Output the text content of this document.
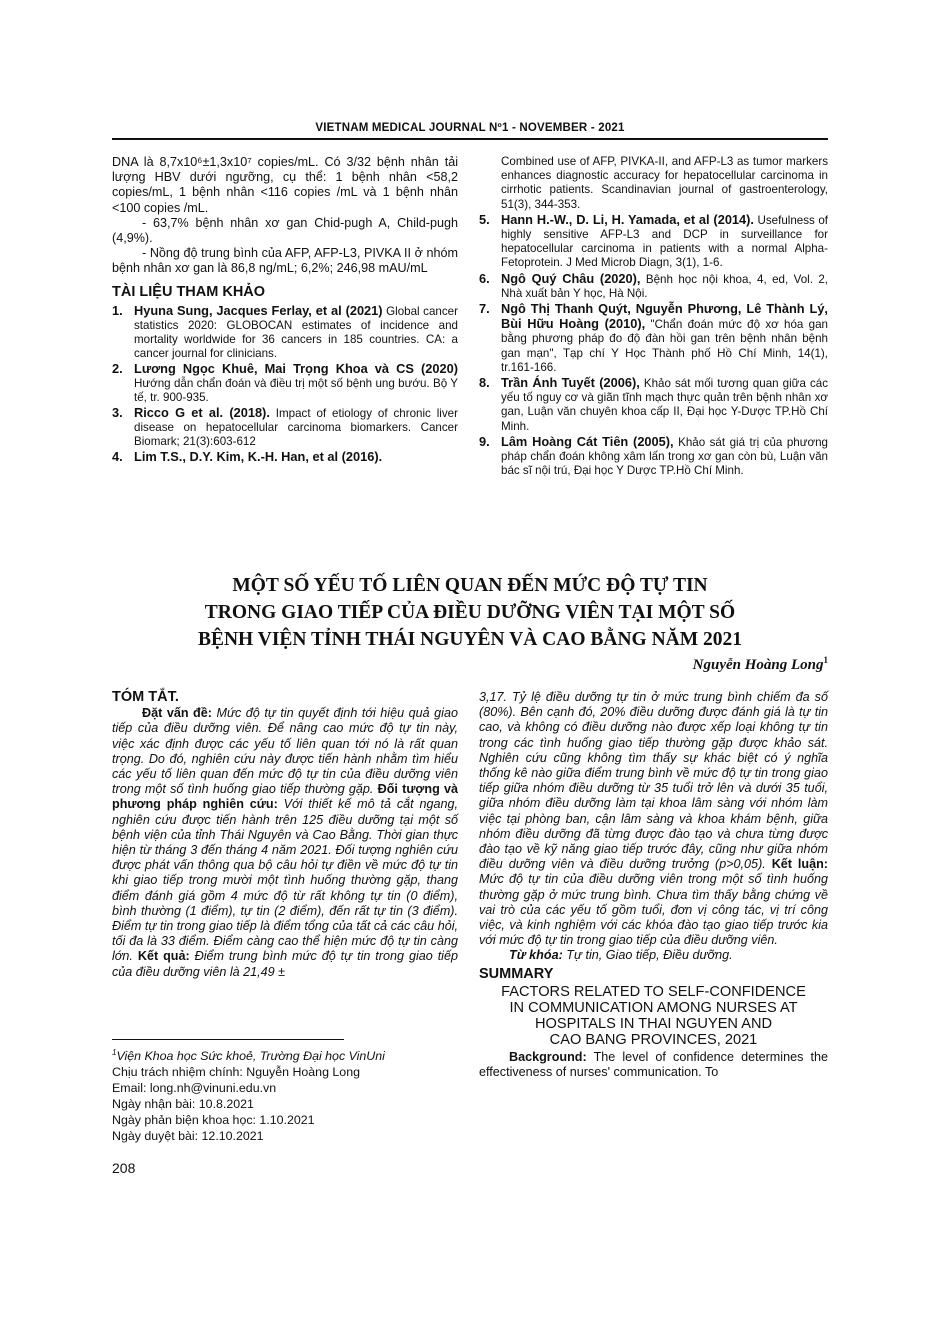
VIETNAM MEDICAL JOURNAL Nº1 - NOVEMBER - 2021

DNA là 8,7x10⁶±1,3x10⁷ copies/mL. Có 3/32 bệnh nhân tải lượng HBV dưới ngưỡng, cụ thể: 1 bệnh nhân <58,2 copies/mL, 1 bệnh nhân <116 copies /mL và 1 bệnh nhân <100 copies /mL.

- 63,7% bệnh nhân xơ gan Chid-pugh A, Child-pugh (4,9%).

- Nồng độ trung bình của AFP, AFP-L3, PIVKA II ở nhóm bệnh nhân xơ gan là 86,8 ng/mL; 6,2%; 246,98 mAU/mL

TÀI LIỆU THAM KHẢO

1. Hyuna Sung, Jacques Ferlay, et al (2021) Global cancer statistics 2020: GLOBOCAN estimates of incidence and mortality worldwide for 36 cancers in 185 countries. CA: a cancer journal for clinicians.
2. Lương Ngọc Khuê, Mai Trọng Khoa và CS (2020) Hướng dẫn chẩn đoán và điều trị một số bệnh ung bướu. Bộ Y tế, tr. 900-935.
3. Ricco G et al. (2018). Impact of etiology of chronic liver disease on hepatocellular carcinoma biomarkers. Cancer Biomark; 21(3):603-612
4. Lim T.S., D.Y. Kim, K.-H. Han, et al (2016).
Combined use of AFP, PIVKA-II, and AFP-L3 as tumor markers enhances diagnostic accuracy for hepatocellular carcinoma in cirrhotic patients. Scandinavian journal of gastroenterology, 51(3), 344-353.
5. Hann H.-W., D. Li, H. Yamada, et al (2014). Usefulness of highly sensitive AFP-L3 and DCP in surveillance for hepatocellular carcinoma in patients with a normal Alpha-Fetoprotein. J Med Microb Diagn, 3(1), 1-6.
6. Ngô Quý Châu (2020), Bệnh học nội khoa, 4, ed, Vol. 2, Nhà xuất bản Y học, Hà Nội.
7. Ngô Thị Thanh Quýt, Nguyễn Phương, Lê Thành Lý, Bùi Hữu Hoàng (2010), "Chẩn đoán mức độ xơ hóa gan bằng phương pháp đo độ đàn hồi gan trên bệnh nhân bệnh gan mạn", Tạp chí Y Học Thành phố Hồ Chí Minh, 14(1), tr.161-166.
8. Trần Ánh Tuyết (2006), Khảo sát mối tương quan giữa các yếu tố nguy cơ và giãn tĩnh mạch thực quản trên bệnh nhân xơ gan, Luận văn chuyên khoa cấp II, Đại học Y-Dược TP.Hồ Chí Minh.
9. Lâm Hoàng Cát Tiên (2005), Khảo sát giá trị của phương pháp chẩn đoán không xâm lấn trong xơ gan còn bù, Luận văn bác sĩ nội trú, Đại học Y Dược TP.Hồ Chí Minh.
MỘT SỐ YẾU TỐ LIÊN QUAN ĐẾN MỨC ĐỘ TỰ TIN
TRONG GIAO TIẾP CỦA ĐIỀU DƯỠNG VIÊN TẠI MỘT SỐ
BỆNH VIỆN TỈNH THÁI NGUYÊN VÀ CAO BẰNG NĂM 2021
Nguyễn Hoàng Long$^1$

TÓM TẮT.

Đặt vấn đề: Mức độ tự tin quyết định tới hiệu quả giao tiếp của điều dưỡng viên. Để nâng cao mức độ tự tin này, việc xác định được các yếu tố liên quan tới nó là rất quan trọng. Do đó, nghiên cứu này được tiến hành nhằm tìm hiểu các yếu tố liên quan đến mức độ tự tin của điều dưỡng viên trong một số tình huống giao tiếp thường gặp. Đối tượng và phương pháp nghiên cứu: Với thiết kế mô tả cắt ngang, nghiên cứu được tiến hành trên 125 điều dưỡng tại một số bệnh viện của tỉnh Thái Nguyên và Cao Bằng. Thời gian thực hiện từ tháng 3 đến tháng 4 năm 2021. Đối tượng nghiên cứu được phát vấn thông qua bộ câu hỏi tự điền về mức độ tự tin khi giao tiếp trong mười một tình huống thường gặp, thang điểm đánh giá gồm 4 mức độ từ rất không tự tin (0 điểm), bình thường (1 điểm), tự tin (2 điểm), đến rất tự tin (3 điểm). Điểm tự tin trong giao tiếp là điểm tổng của tất cả các câu hỏi, tối đa là 33 điểm. Điểm càng cao thể hiện mức độ tự tin càng lớn. Kết quả: Điểm trung bình mức độ tự tin trong giao tiếp của điều dưỡng viên là 21,49 ±

3,17. Tỷ lệ điều dưỡng tự tin ở mức trung bình chiếm đa số (80%). Bên cạnh đó, 20% điều dưỡng được đánh giá là tự tin cao, và không có điều dưỡng nào được xếp loại không tự tin trong các tình huống giao tiếp thường gặp được khảo sát. Nghiên cứu cũng không tìm thấy sự khác biệt có ý nghĩa thống kê nào giữa điểm trung bình về mức độ tự tin trong giao tiếp giữa nhóm điều dưỡng từ 35 tuổi trở lên và dưới 35 tuổi, giữa nhóm điều dưỡng làm tại khoa lâm sàng với nhóm làm việc tại phòng ban, cận lâm sàng và khoa khám bệnh, giữa nhóm điều dưỡng đã từng được đào tạo và chưa từng được đào tạo về kỹ năng giao tiếp trước đây, cũng như giữa nhóm điều dưỡng viên và điều dưỡng trưởng (p>0,05). Kết luận: Mức độ tự tin của điều dưỡng viên trong một số tình huống thường gặp ở mức trung bình. Chưa tìm thấy bằng chứng về vai trò của các yếu tố gồm tuổi, đơn vị công tác, vị trí công việc, và kinh nghiệm với các khóa đào tạo giao tiếp trước kia với mức độ tự tin trong giao tiếp của điều dưỡng viên.

Từ khóa: Tự tin, Giao tiếp, Điều dưỡng.

SUMMARY

FACTORS RELATED TO SELF-CONFIDENCE
IN COMMUNICATION AMONG NURSES AT
HOSPITALS IN THAI NGUYEN AND
CAO BANG PROVINCES, 2021

Background: The level of confidence determines the effectiveness of nurses' communication. To

$^1$Viện Khoa học Sức khoẻ, Trường Đại học VinUni

Chịu trách nhiệm chính: Nguyễn Hoàng Long

Email: long.nh@vinuni.edu.vn

Ngày nhận bài: 10.8.2021

Ngày phản biện khoa học: 1.10.2021

Ngày duyệt bài: 12.10.2021

208
